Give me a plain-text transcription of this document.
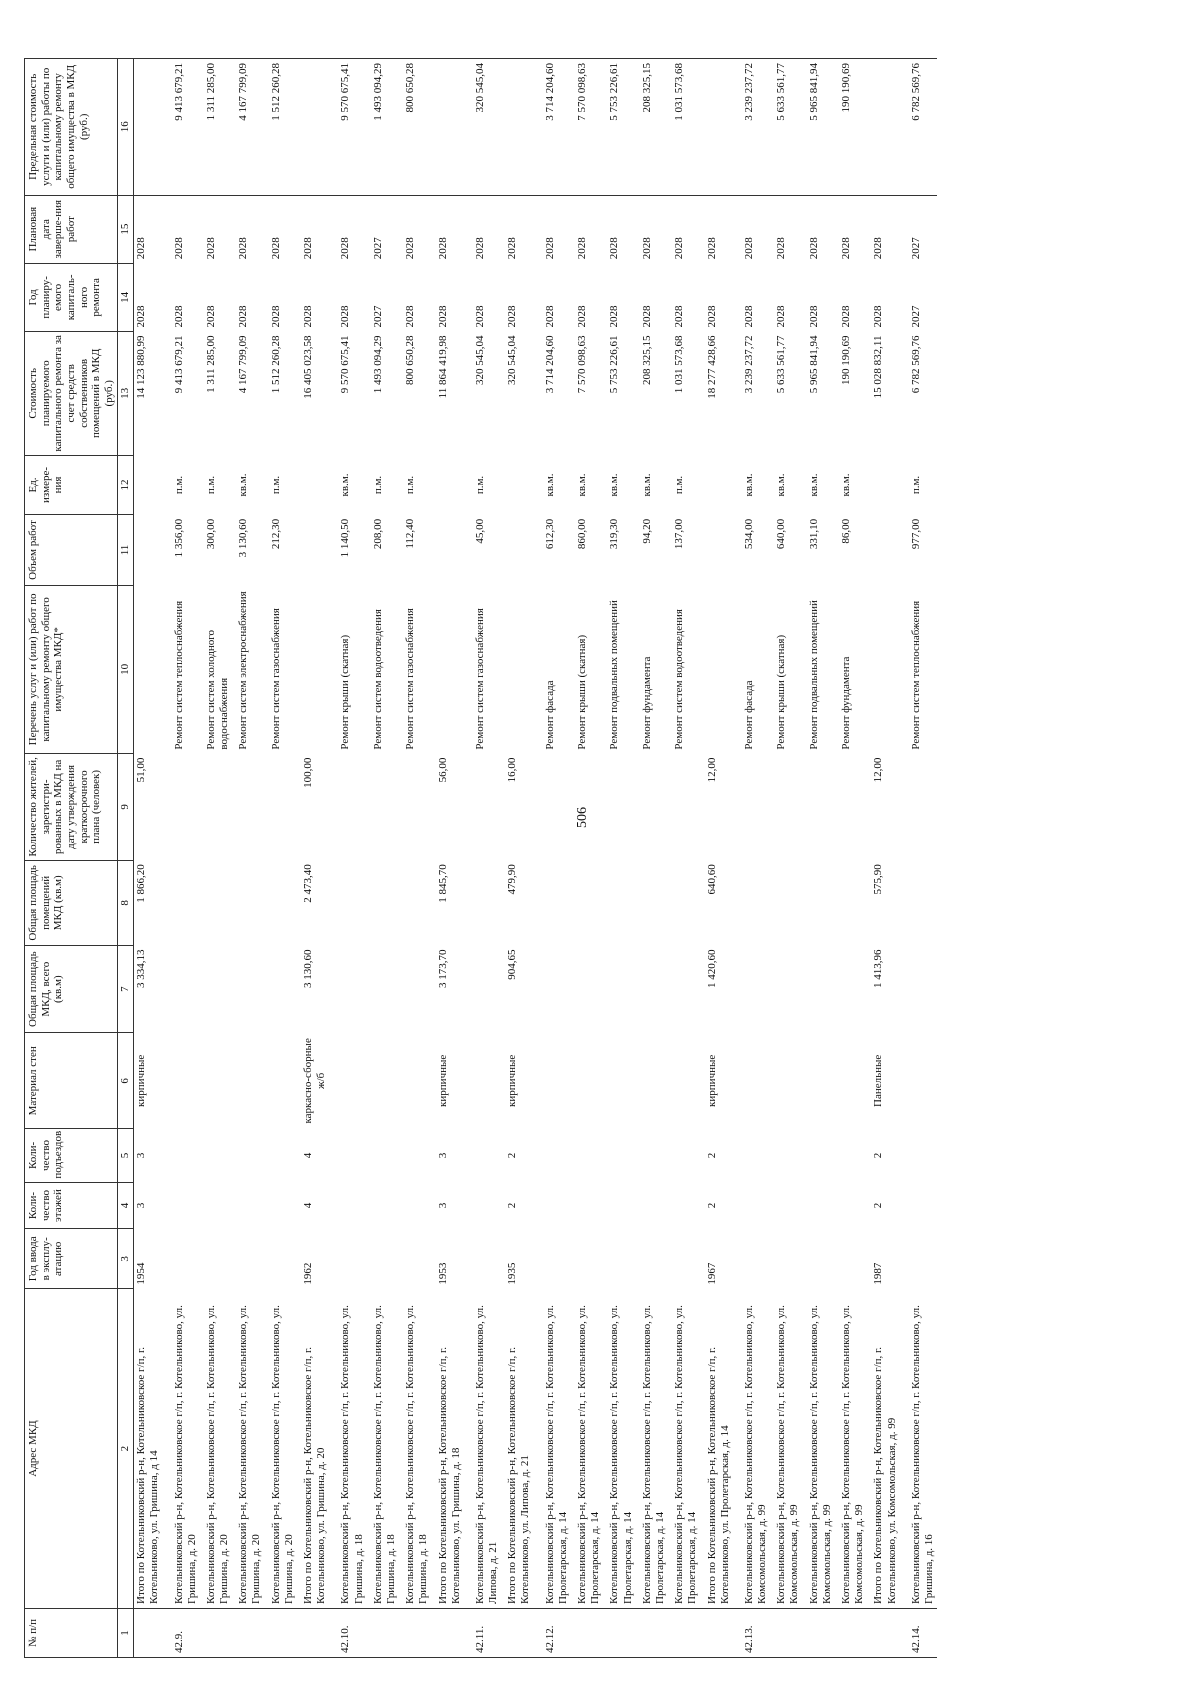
506
№ п/п	Адрес МКД	Год ввода в эксплу-атацию	Коли-чество этажей	Коли-чество подъездов	Материал стен	Общая площадь МКД, всего (кв.м)	Общая площадь помещений МКД (кв.м)	Количество жителей, зарегистри-рованных в МКД на дату утверждения краткосрочного плана (человек)	Перечень услуг и (или) работ по капитальному ремонту общего имущества МКД*	Объем работ	Ед. измере-ния	Стоимость планируемого капитального ремонта за счет средств собственников помещений в МКД (руб.)	Год планиру-емого капиталь-ного ремонта	Плановая дата заверше-ния работ	Предельная стоимость услуги и (или) работы по капитальному ремонту общего имущества в МКД (руб.)
1	2	3	4	5	6	7	8	9	10	11	12	13	14	15	16
	Итого по Котельниковский р-н, Котельниковское г/п, г. Котельниково, ул. Гришина, д 14	1954	3	3	кирпичные	3 334,13	1 866,20	51,00				14 123 880,99	2028	2028	
42.9.	Котельниковский р-н, Котельниковское г/п, г. Котельниково, ул. Гришина, д. 20								Ремонт систем теплоснабжения	1 356,00	п.м.	9 413 679,21	2028	2028	9 413 679,21
	Котельниковский р-н, Котельниковское г/п, г. Котельниково, ул. Гришина, д. 20								Ремонт систем холодного водоснабжения	300,00	п.м.	1 311 285,00	2028	2028	1 311 285,00
	Котельниковский р-н, Котельниковское г/п, г. Котельниково, ул. Гришина, д. 20								Ремонт систем электроснабжения	3 130,60	кв.м.	4 167 799,09	2028	2028	4 167 799,09
	Котельниковский р-н, Котельниковское г/п, г. Котельниково, ул. Гришина, д. 20								Ремонт систем газоснабжения	212,30	п.м.	1 512 260,28	2028	2028	1 512 260,28
	Итого по Котельниковский р-н, Котельниковское г/п, г. Котельниково, ул. Гришина, д. 20	1962	4	4	каркасно-сборные ж/б	3 130,60	2 473,40	100,00				16 405 023,58	2028	2028	
42.10.	Котельниковский р-н, Котельниковское г/п, г. Котельниково, ул. Гришина, д. 18								Ремонт крыши (скатная)	1 140,50	кв.м.	9 570 675,41	2028	2028	9 570 675,41
	Котельниковский р-н, Котельниковское г/п, г. Котельниково, ул. Гришина, д. 18								Ремонт систем водоотведения	208,00	п.м.	1 493 094,29	2027	2027	1 493 094,29
	Котельниковский р-н, Котельниковское г/п, г. Котельниково, ул. Гришина, д. 18								Ремонт систем газоснабжения	112,40	п.м.	800 650,28	2028	2028	800 650,28
	Итого по Котельниковский р-н, Котельниковское г/п, г. Котельниково, ул. Гришина, д. 18	1953	3	3	кирпичные	3 173,70	1 845,70	56,00				11 864 419,98	2028	2028	
42.11.	Котельниковский р-н, Котельниковское г/п, г. Котельниково, ул. Липова, д. 21								Ремонт систем газоснабжения	45,00	п.м.	320 545,04	2028	2028	320 545,04
	Итого по Котельниковский р-н, Котельниковское г/п, г. Котельниково, ул. Липова, д. 21	1935	2	2	кирпичные	904,65	479,90	16,00				320 545,04	2028	2028	
42.12.	Котельниковский р-н, Котельниковское г/п, г. Котельниково, ул. Пролетарская, д. 14								Ремонт фасада	612,30	кв.м.	3 714 204,60	2028	2028	3 714 204,60
	Котельниковский р-н, Котельниковское г/п, г. Котельниково, ул. Пролетарская, д. 14								Ремонт крыши (скатная)	860,00	кв.м.	7 570 098,63	2028	2028	7 570 098,63
	Котельниковский р-н, Котельниковское г/п, г. Котельниково, ул. Пролетарская, д. 14								Ремонт подвальных помещений	319,30	кв.м.	5 753 226,61	2028	2028	5 753 226,61
	Котельниковский р-н, Котельниковское г/п, г. Котельниково, ул. Пролетарская, д. 14								Ремонт фундамента	94,20	кв.м.	208 325,15	2028	2028	208 325,15
	Котельниковский р-н, Котельниковское г/п, г. Котельниково, ул. Пролетарская, д. 14								Ремонт систем водоотведения	137,00	п.м.	1 031 573,68	2028	2028	1 031 573,68
	Итого по Котельниковский р-н, Котельниковское г/п, г. Котельниково, ул. Пролетарская, д. 14	1967	2	2	кирпичные	1 420,60	640,60	12,00				18 277 428,66	2028	2028	
42.13.	Котельниковский р-н, Котельниковское г/п, г. Котельниково, ул. Комсомольская, д. 99								Ремонт фасада	534,00	кв.м.	3 239 237,72	2028	2028	3 239 237,72
	Котельниковский р-н, Котельниковское г/п, г. Котельниково, ул. Комсомольская, д. 99								Ремонт крыши (скатная)	640,00	кв.м.	5 633 561,77	2028	2028	5 633 561,77
	Котельниковский р-н, Котельниковское г/п, г. Котельниково, ул. Комсомольская, д. 99								Ремонт подвальных помещений	331,10	кв.м.	5 965 841,94	2028	2028	5 965 841,94
	Котельниковский р-н, Котельниковское г/п, г. Котельниково, ул. Комсомольская, д. 99								Ремонт фундамента	86,00	кв.м.	190 190,69	2028	2028	190 190,69
	Итого по Котельниковский р-н, Котельниковское г/п, г. Котельниково, ул. Комсомольская, д. 99	1987	2	2	Панельные	1 413,96	575,90	12,00				15 028 832,11	2028	2028	
42.14.	Котельниковский р-н, Котельниковское г/п, г. Котельниково, ул. Гришина, д. 16								Ремонт систем теплоснабжения	977,00	п.м.	6 782 569,76	2027	2027	6 782 569,76
